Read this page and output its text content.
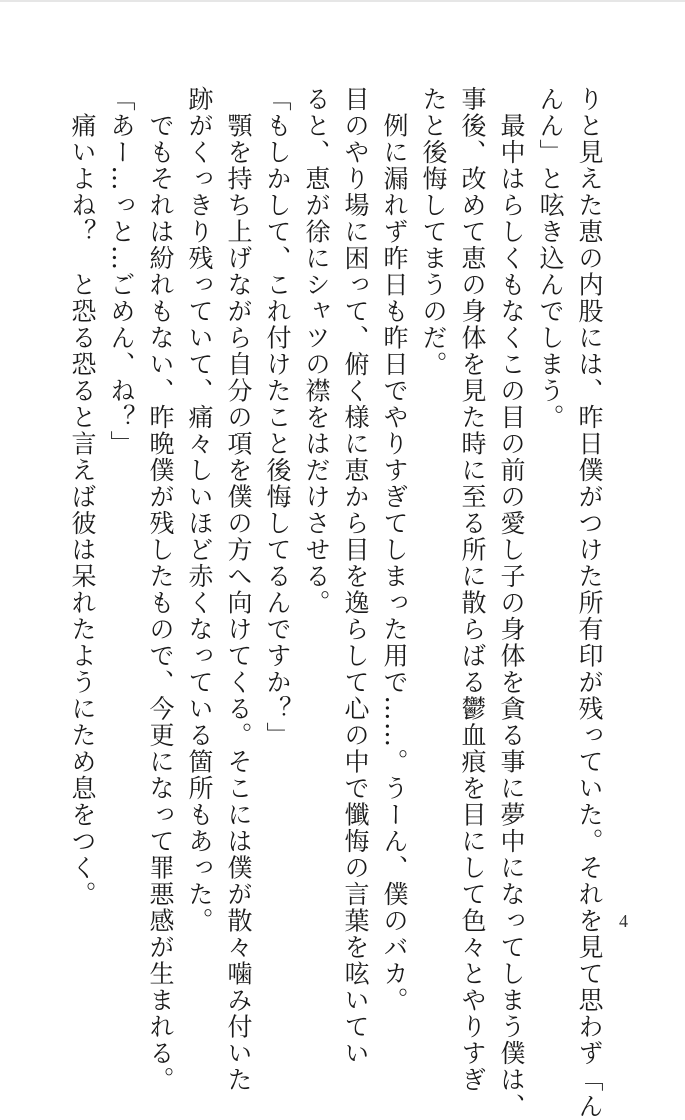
りと見えた恵の内股には、昨日僕がつけた所有印が残っていた。それを見て思わず「ん
んん」と呟き込んでしまう。
　最中はらしくもなくこの目の前の愛し子の身体を貪る事に夢中になってしまう僕は、
事後、改めて恵の身体を見た時に至る所に散らばる鬱血痕を目にして色々とやりすぎ
たと後悔してまうのだ。
　例に漏れず昨日も昨日でやりすぎてしまった用で……。うーん、僕のバカ。
目のやり場に困って、俯く様に恵から目を逸らして心の中で懺悔の言葉を呟いてい
ると、恵が徐にシャツの襟をはだけさせる。
「もしかして、これ付けたこと後悔してるんですか？」
　顎を持ち上げながら自分の項を僕の方へ向けてくる。そこには僕が散々噛み付いた
跡がくっきり残っていて、痛々しいほど赤くなっている箇所もあった。
　でもそれは紛れもない、昨晩僕が残したもので、今更になって罪悪感が生まれる。
「あー…っと…ごめん、ね？」
　痛いよね？　と恐る恐ると言えば彼は呆れたようにため息をつく。
4
